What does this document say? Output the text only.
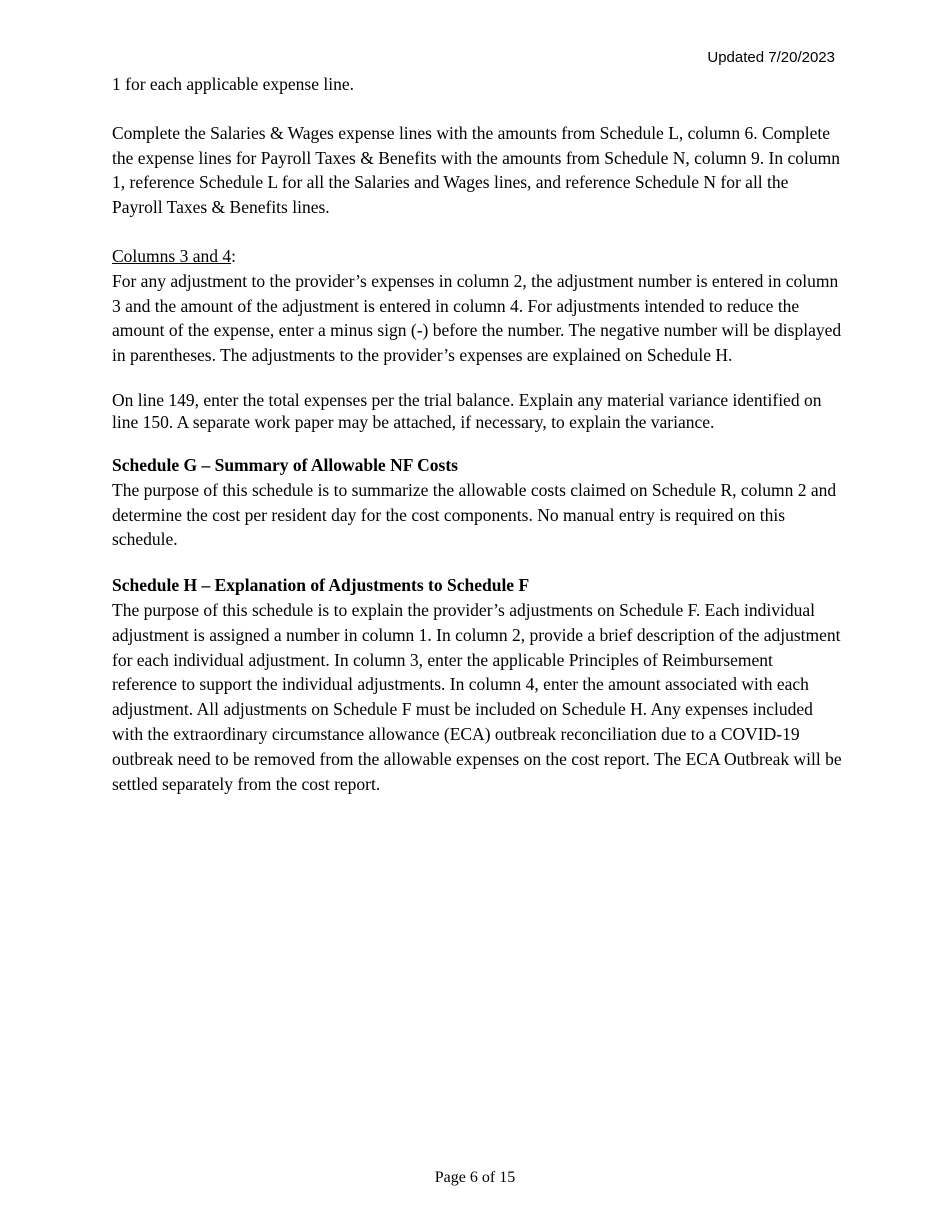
Updated 7/20/2023

1 for each applicable expense line.

Complete the Salaries & Wages expense lines with the amounts from Schedule L, column 6. Complete the expense lines for Payroll Taxes & Benefits with the amounts from Schedule N, column 9. In column 1, reference Schedule L for all the Salaries and Wages lines, and reference Schedule N for all the Payroll Taxes & Benefits lines.

Columns 3 and 4:
For any adjustment to the provider’s expenses in column 2, the adjustment number is entered in column 3 and the amount of the adjustment is entered in column 4. For adjustments intended to reduce the amount of the expense, enter a minus sign (-) before the number. The negative number will be displayed in parentheses. The adjustments to the provider’s expenses are explained on Schedule H.

On line 149, enter the total expenses per the trial balance. Explain any material variance identified on line 150. A separate work paper may be attached, if necessary, to explain the variance.

Schedule G – Summary of Allowable NF Costs
The purpose of this schedule is to summarize the allowable costs claimed on Schedule R, column 2 and determine the cost per resident day for the cost components. No manual entry is required on this schedule.
Schedule H – Explanation of Adjustments to Schedule F
The purpose of this schedule is to explain the provider’s adjustments on Schedule F. Each individual adjustment is assigned a number in column 1. In column 2, provide a brief description of the adjustment for each individual adjustment. In column 3, enter the applicable Principles of Reimbursement reference to support the individual adjustments. In column 4, enter the amount associated with each adjustment. All adjustments on Schedule F must be included on Schedule H. Any expenses included with the extraordinary circumstance allowance (ECA) outbreak reconciliation due to a COVID-19 outbreak need to be removed from the allowable expenses on the cost report. The ECA Outbreak will be settled separately from the cost report.
Page 6 of 15
